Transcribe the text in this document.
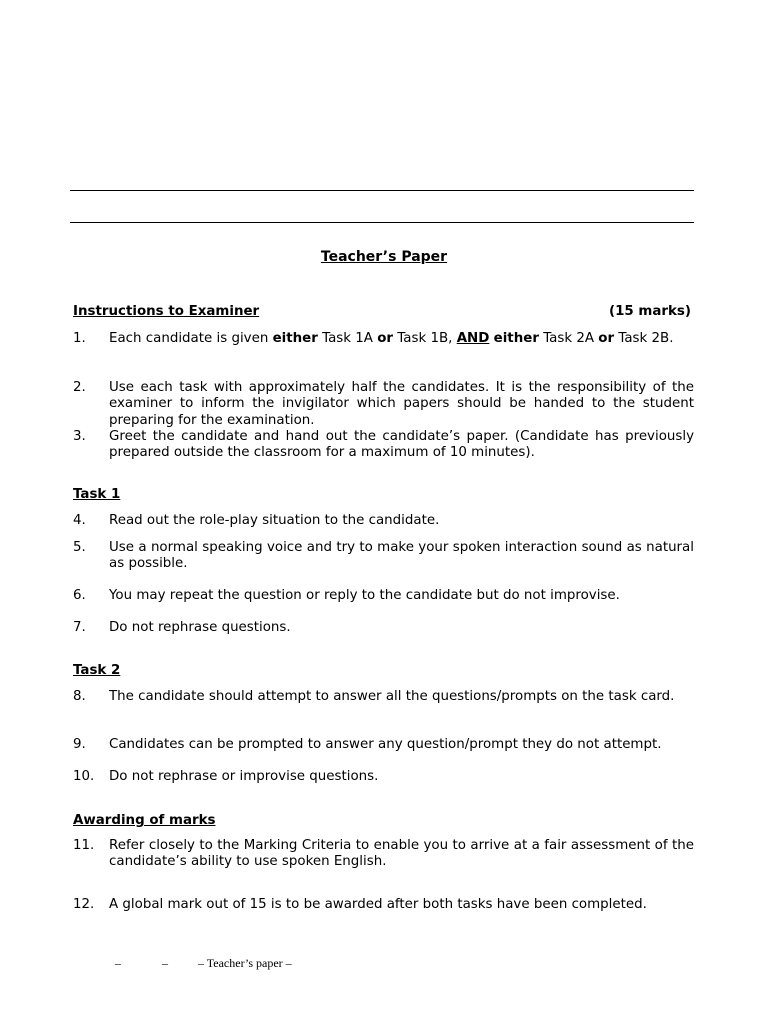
Teacher’s Paper
Instructions to Examiner	(15 marks)
1.	Each candidate is given either Task 1A or Task 1B, AND either Task 2A or Task 2B.
2.	Use each task with approximately half the candidates. It is the responsibility of the examiner to inform the invigilator which papers should be handed to the student preparing for the examination.
3.	Greet the candidate and hand out the candidate’s paper. (Candidate has previously prepared outside the classroom for a maximum of 10 minutes).
Task 1
4.	Read out the role-play situation to the candidate.
5.	Use a normal speaking voice and try to make your spoken interaction sound as natural as possible.
6.	You may repeat the question or reply to the candidate but do not improvise.
7.	Do not rephrase questions.
Task 2
8.	The candidate should attempt to answer all the questions/prompts on the task card.
9.	Candidates can be prompted to answer any question/prompt they do not attempt.
10.	Do not rephrase or improvise questions.
Awarding of marks
11.	Refer closely to the Marking Criteria to enable you to arrive at a fair assessment of the candidate’s ability to use spoken English.
12.	A global mark out of 15 is to be awarded after both tasks have been completed.
–	–	– Teacher’s paper –
